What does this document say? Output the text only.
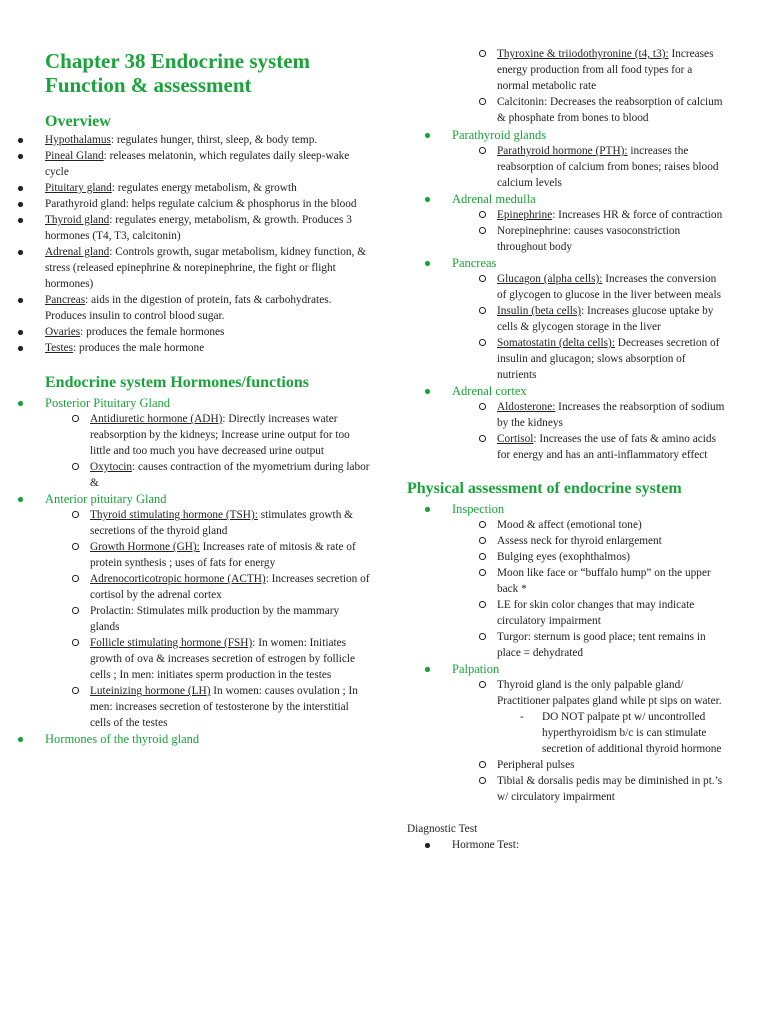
Chapter 38 Endocrine system
Function & assessment
Overview
Hypothalamus: regulates hunger, thirst, sleep, & body temp.
Pineal Gland: releases melatonin, which regulates daily sleep-wake cycle
Pituitary gland: regulates energy metabolism, & growth
Parathyroid gland: helps regulate calcium & phosphorus in the blood
Thyroid gland: regulates energy, metabolism, & growth. Produces 3 hormones (T4, T3, calcitonin)
Adrenal gland: Controls growth, sugar metabolism, kidney function, & stress (released epinephrine & norepinephrine, the fight or flight hormones)
Pancreas: aids in the digestion of protein, fats & carbohydrates. Produces insulin to control blood sugar.
Ovaries: produces the female hormones
Testes: produces the male hormone
Endocrine system Hormones/functions
Posterior Pituitary Gland
Antidiuretic hormone (ADH): Directly increases water reabsorption by the kidneys; Increase urine output for too little and too much you have decreased urine output
Oxytocin: causes contraction of the myometrium during labor &
Anterior pituitary Gland
Thyroid stimulating hormone (TSH): stimulates growth & secretions of the thyroid gland
Growth Hormone (GH): Increases rate of mitosis & rate of protein synthesis ; uses of fats for energy
Adrenocorticotropic hormone (ACTH): Increases secretion of cortisol by the adrenal cortex
Prolactin: Stimulates milk production by the mammary glands
Follicle stimulating hormone (FSH): In women: Initiates growth of ova & increases secretion of estrogen by follicle cells ; In men: initiates sperm production in the testes
Luteinizing hormone (LH) In women: causes ovulation ; In men: increases secretion of testosterone by the interstitial cells of the testes
Hormones of the thyroid gland
Thyroxine & triiodothyronine (t4, t3): Increases energy production from all food types for a normal metabolic rate
Calcitonin: Decreases the reabsorption of calcium & phosphate from bones to blood
Parathyroid glands
Parathyroid hormone (PTH): increases the reabsorption of calcium from bones; raises blood calcium levels
Adrenal medulla
Epinephrine: Increases HR & force of contraction
Norepinephrine: causes vasoconstriction throughout body
Pancreas
Glucagon (alpha cells): Increases the conversion of glycogen to glucose in the liver between meals
Insulin (beta cells): Increases glucose uptake by cells & glycogen storage in the liver
Somatostatin (delta cells): Decreases secretion of insulin and glucagon; slows absorption of nutrients
Adrenal cortex
Aldosterone: Increases the reabsorption of sodium by the kidneys
Cortisol: Increases the use of fats & amino acids for energy and has an anti-inflammatory effect
Physical assessment of endocrine system
Inspection
Mood & affect (emotional tone)
Assess neck for thyroid enlargement
Bulging eyes (exophthalmos)
Moon like face or “buffalo hump” on the upper back *
LE for skin color changes that may indicate circulatory impairment
Turgor: sternum is good place; tent remains in place = dehydrated
Palpation
Thyroid gland is the only palpable gland/ Practitioner palpates gland while pt sips on water.
- DO NOT palpate pt w/ uncontrolled hyperthyroidism b/c is can stimulate secretion of additional thyroid hormone
Peripheral pulses
Tibial & dorsalis pedis may be diminished in pt.’s w/ circulatory impairment
Diagnostic Test
Hormone Test:
